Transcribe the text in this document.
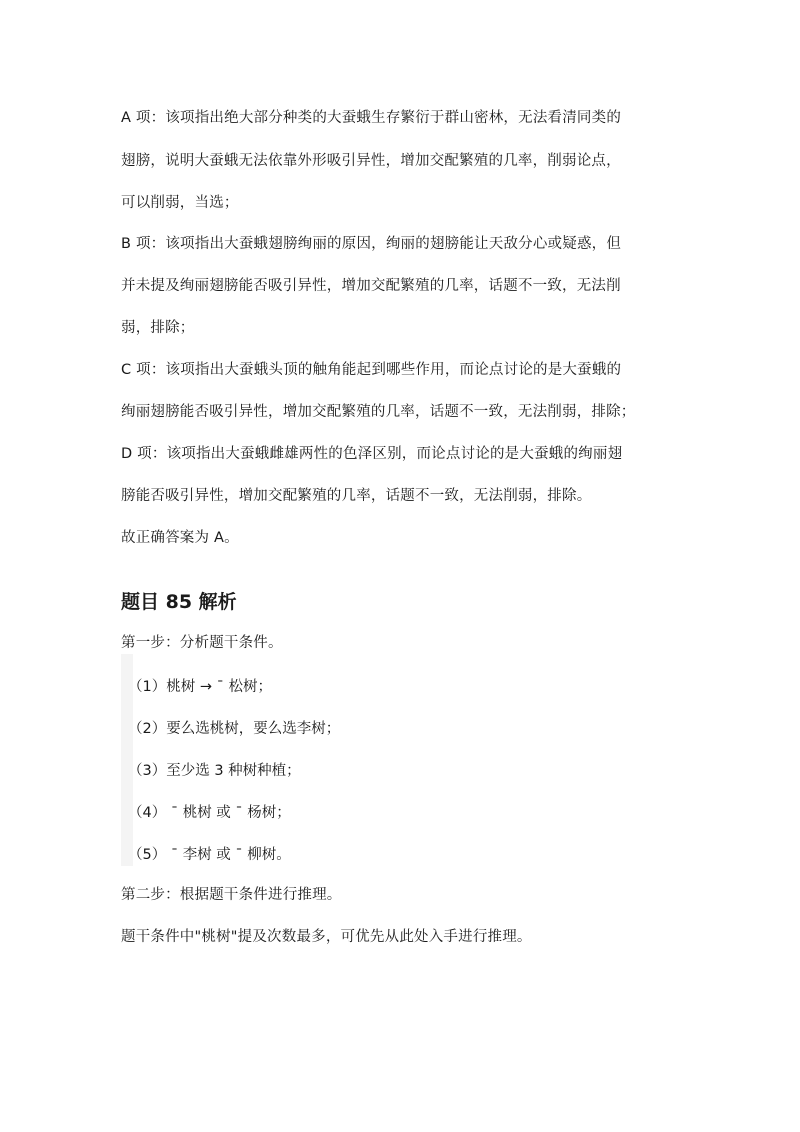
A 项：该项指出绝大部分种类的大蚕蛾生存繁衍于群山密林，无法看清同类的
翅膀，说明大蚕蛾无法依靠外形吸引异性，增加交配繁殖的几率，削弱论点，
可以削弱，当选；
B 项：该项指出大蚕蛾翅膀绚丽的原因，绚丽的翅膀能让天敌分心或疑惑，但
并未提及绚丽翅膀能否吸引异性，增加交配繁殖的几率，话题不一致，无法削
弱，排除；
C 项：该项指出大蚕蛾头顶的触角能起到哪些作用，而论点讨论的是大蚕蛾的
绚丽翅膀能否吸引异性，增加交配繁殖的几率，话题不一致，无法削弱，排除；
D 项：该项指出大蚕蛾雌雄两性的色泽区别，而论点讨论的是大蚕蛾的绚丽翅
膀能否吸引异性，增加交配繁殖的几率，话题不一致，无法削弱，排除。
故正确答案为 A。
题目 85 解析
第一步：分析题干条件。
（1）桃树 → ¯ 松树；
（2）要么选桃树，要么选李树；
（3）至少选 3 种树种植；
（4） ¯ 桃树 或 ¯ 杨树；
（5） ¯ 李树 或 ¯ 柳树。
第二步：根据题干条件进行推理。
题干条件中"桃树"提及次数最多，可优先从此处入手进行推理。
